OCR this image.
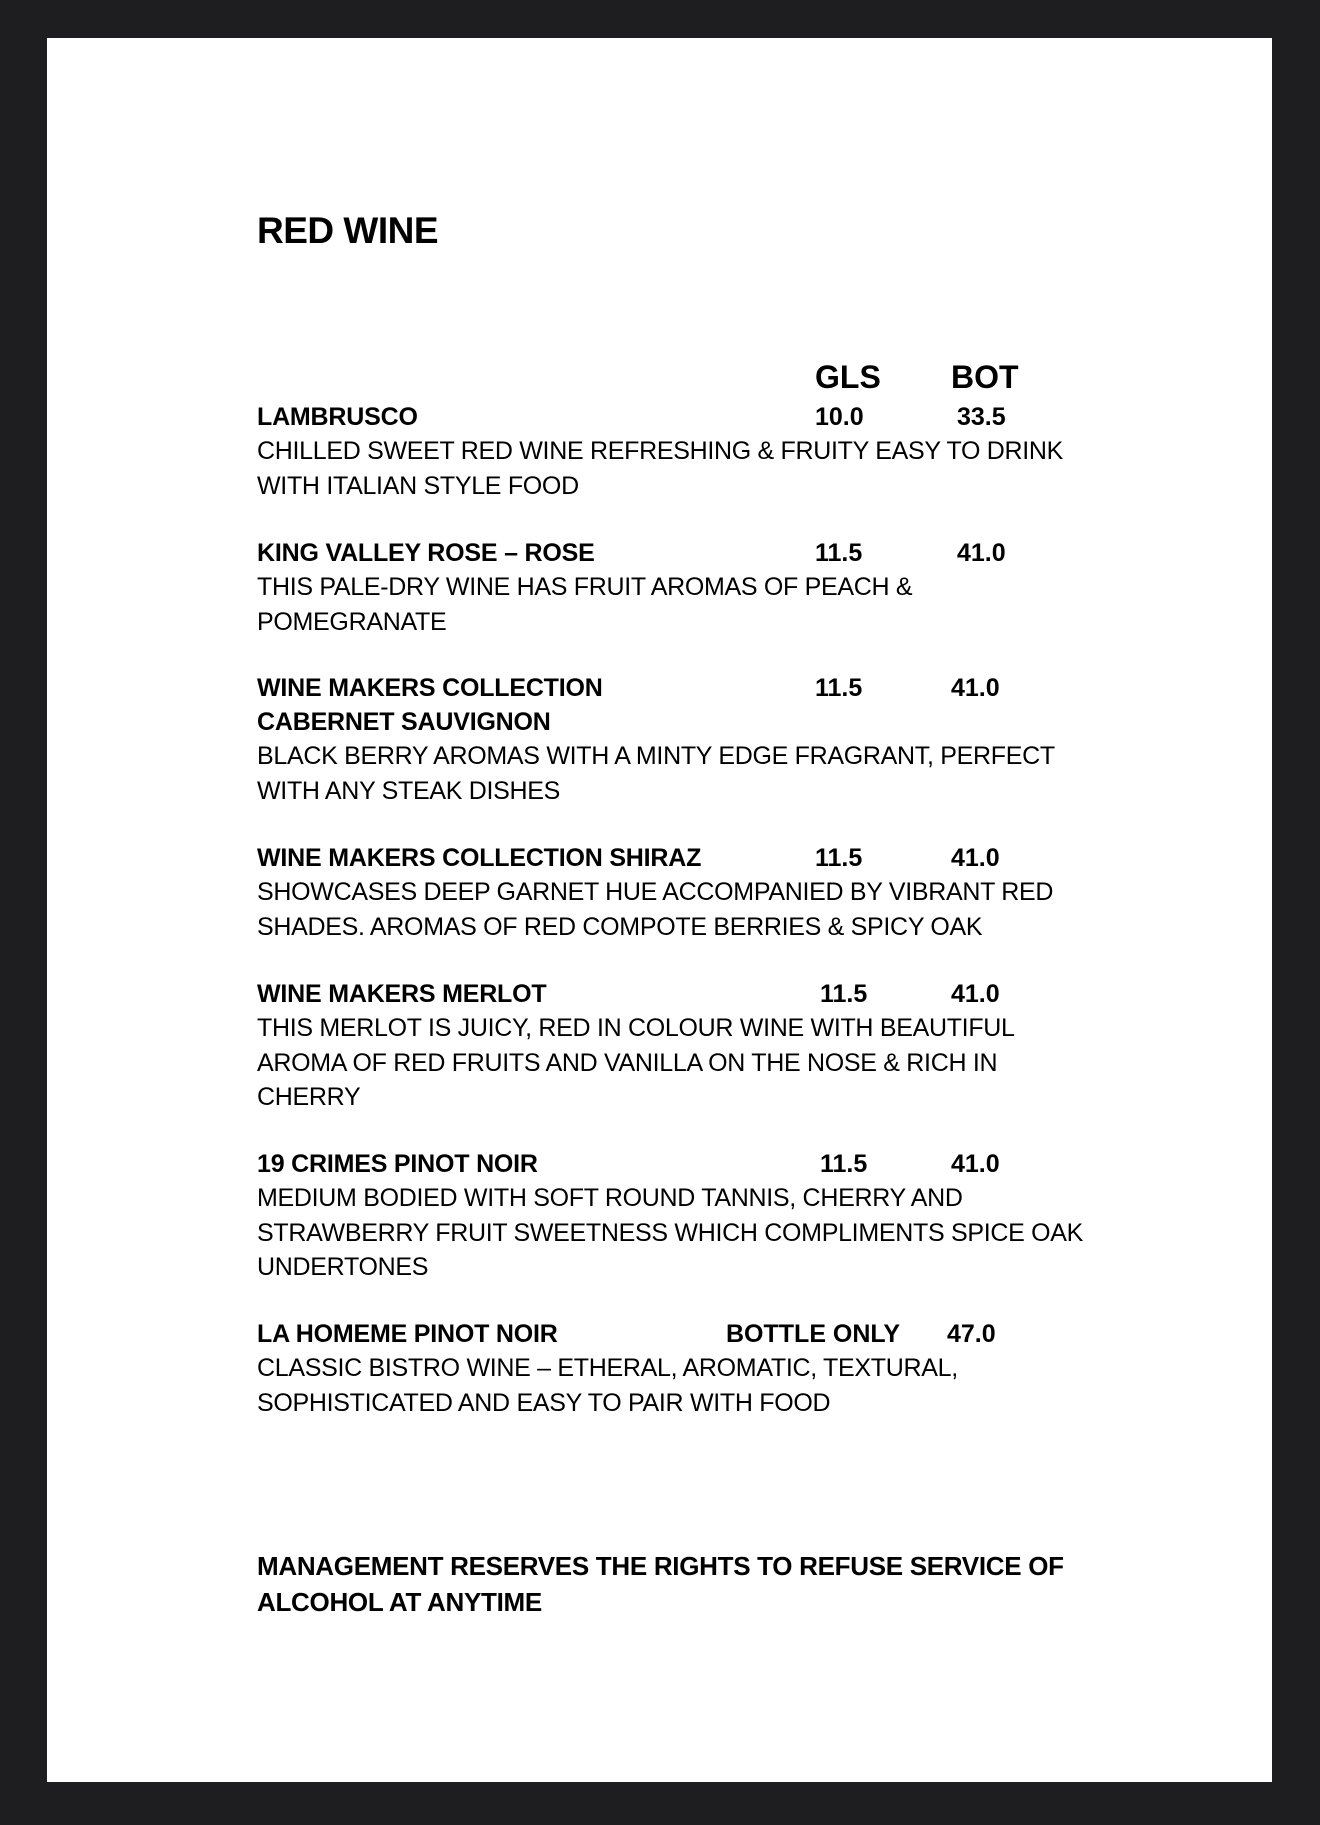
RED WINE
GLS BOT
LAMBRUSCO	10.0	33.5
CHILLED SWEET RED WINE REFRESHING & FRUITY EASY TO DRINK
WITH ITALIAN STYLE FOOD
KING VALLEY ROSE – ROSE	11.5	41.0
THIS PALE-DRY WINE HAS FRUIT AROMAS OF PEACH &
POMEGRANATE
WINE MAKERS COLLECTION	11.5	41.0
CABERNET SAUVIGNON
BLACK BERRY AROMAS WITH A MINTY EDGE FRAGRANT, PERFECT
WITH ANY STEAK DISHES
WINE MAKERS COLLECTION SHIRAZ	11.5	41.0
SHOWCASES DEEP GARNET HUE ACCOMPANIED BY VIBRANT RED
SHADES. AROMAS OF RED COMPOTE BERRIES & SPICY OAK
WINE MAKERS MERLOT	11.5	41.0
THIS MERLOT IS JUICY, RED IN COLOUR WINE WITH BEAUTIFUL
AROMA OF RED FRUITS AND VANILLA ON THE NOSE & RICH IN
CHERRY
19 CRIMES PINOT NOIR	11.5	41.0
MEDIUM BODIED WITH SOFT ROUND TANNIS, CHERRY AND
STRAWBERRY FRUIT SWEETNESS WHICH COMPLIMENTS SPICE OAK
UNDERTONES
LA HOMEME PINOT NOIR	BOTTLE ONLY 47.0
CLASSIC BISTRO WINE – ETHERAL, AROMATIC, TEXTURAL,
SOPHISTICATED AND EASY TO PAIR WITH FOOD
MANAGEMENT RESERVES THE RIGHTS TO REFUSE SERVICE OF
ALCOHOL AT ANYTIME
